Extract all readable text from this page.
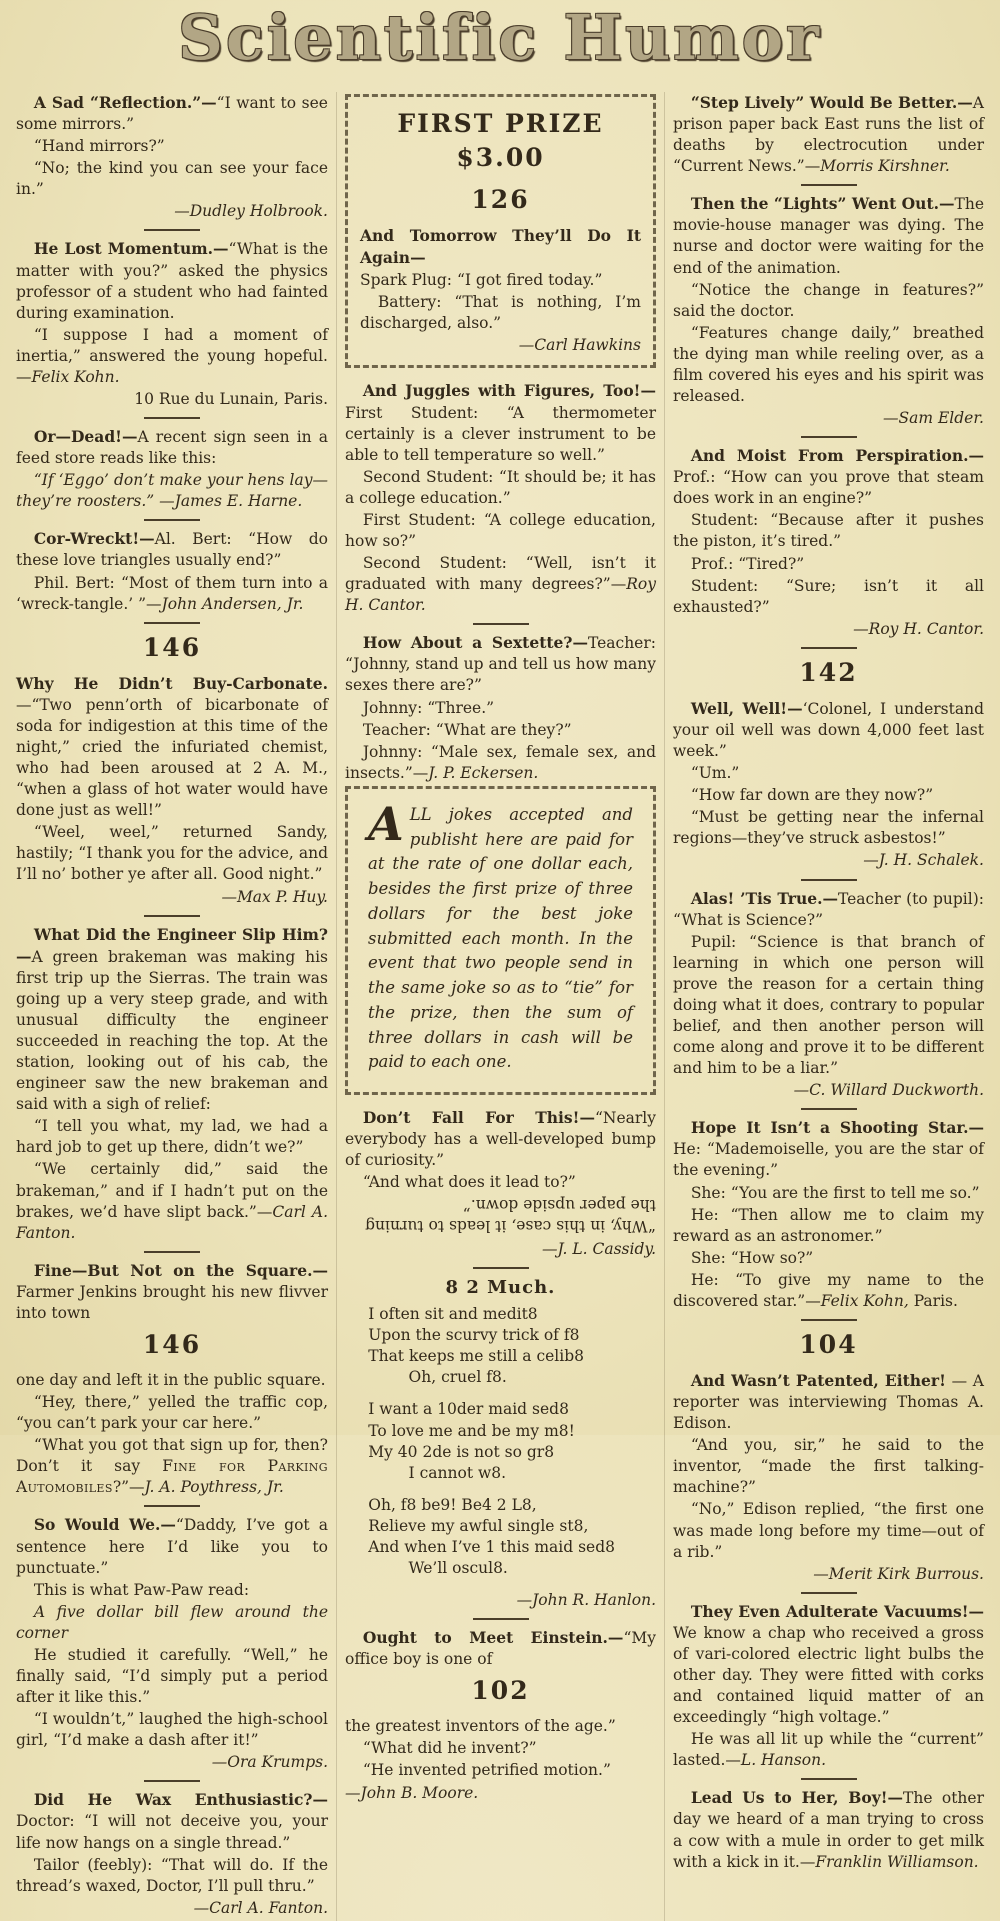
Scientific Humor
A Sad “Reflection.”—“I want to see some mirrors.”
“Hand mirrors?”
“No; the kind you can see your face in.”
—Dudley Holbrook.
He Lost Momentum.—“What is the matter with you?” asked the physics professor of a student who had fainted during examination.
“I suppose I had a moment of inertia,” answered the young hopeful.—Felix Kohn.
10 Rue du Lunain, Paris.
Or—Dead!—A recent sign seen in a feed store reads like this:
“If ‘Eggo’ don’t make your hens lay—they’re roosters.” —James E. Harne.
Cor-Wreckt!—Al. Bert: “How do these love triangles usually end?”
Phil. Bert: “Most of them turn into a ‘wreck-tangle.’ ”—John Andersen, Jr.
146
Why He Didn’t Buy-Carbonate.—“Two penn’orth of bicarbonate of soda for indigestion at this time of the night,” cried the infuriated chemist, who had been aroused at 2 A. M., “when a glass of hot water would have done just as well!”
“Weel, weel,” returned Sandy, hastily; “I thank you for the advice, and I’ll no’ bother ye after all. Good night.”
—Max P. Huy.
What Did the Engineer Slip Him?—A green brakeman was making his first trip up the Sierras. The train was going up a very steep grade, and with unusual difficulty the engineer succeeded in reaching the top. At the station, looking out of his cab, the engineer saw the new brakeman and said with a sigh of relief:
“I tell you what, my lad, we had a hard job to get up there, didn’t we?”
“We certainly did,” said the brakeman,” and if I hadn’t put on the brakes, we’d have slipt back.”—Carl A. Fanton.
Fine—But Not on the Square.—Farmer Jenkins brought his new flivver into town
146
one day and left it in the public square.
“Hey, there,” yelled the traffic cop, “you can’t park your car here.”
“What you got that sign up for, then? Don’t it say Fine for Parking Automobiles?”—J. A. Poythress, Jr.
So Would We.—“Daddy, I’ve got a sentence here I’d like you to punctuate.”
This is what Paw-Paw read:
A five dollar bill flew around the corner
He studied it carefully. “Well,” he finally said, “I’d simply put a period after it like this.”
“I wouldn’t,” laughed the high-school girl, “I’d make a dash after it!”
—Ora Krumps.
Did He Wax Enthusiastic?—Doctor: “I will not deceive you, your life now hangs on a single thread.”
Tailor (feebly): “That will do. If the thread’s waxed, Doctor, I’ll pull thru.”
—Carl A. Fanton.
FIRST PRIZE $3.00
126
And Tomorrow They’ll Do It Again—
Spark Plug: “I got fired today.”
Battery: “That is nothing, I’m discharged, also.”
—Carl Hawkins
And Juggles with Figures, Too!—First Student: “A thermometer certainly is a clever instrument to be able to tell temperature so well.”
Second Student: “It should be; it has a college education.”
First Student: “A college education, how so?”
Second Student: “Well, isn’t it graduated with many degrees?”—Roy H. Cantor.
How About a Sextette?—Teacher: “Johnny, stand up and tell us how many sexes there are?”
Johnny: “Three.”
Teacher: “What are they?”
Johnny: “Male sex, female sex, and insects.”—J. P. Eckersen.
ALL jokes accepted and publisht here are paid for at the rate of one dollar each, besides the first prize of three dollars for the best joke submitted each month. In the event that two people send in the same joke so as to “tie” for the prize, then the sum of three dollars in cash will be paid to each one.
Don’t Fall For This!—“Nearly everybody has a well-developed bump of curiosity.”
“And what does it lead to?”
“Why, in this case, it leads to turning the paper upside down.”
—J. L. Cassidy.
8 2 Much.
I often sit and medit8
Upon the scurvy trick of f8
That keeps me still a celib8
Oh, cruel f8.
I want a 10der maid sed8
To love me and be my m8!
My 40 2de is not so gr8
I cannot w8.
Oh, f8 be9! Be4 2 L8,
Relieve my awful single st8,
And when I’ve 1 this maid sed8
We’ll oscul8.
—John R. Hanlon.
Ought to Meet Einstein.—“My office boy is one of
102
the greatest inventors of the age.”
“What did he invent?”
“He invented petrified motion.”
—John B. Moore.
“Step Lively” Would Be Better.—A prison paper back East runs the list of deaths by electrocution under “Current News.”—Morris Kirshner.
Then the “Lights” Went Out.—The movie-house manager was dying. The nurse and doctor were waiting for the end of the animation.
“Notice the change in features?” said the doctor.
“Features change daily,” breathed the dying man while reeling over, as a film covered his eyes and his spirit was released.
—Sam Elder.
And Moist From Perspiration.—Prof.: “How can you prove that steam does work in an engine?”
Student: “Because after it pushes the piston, it’s tired.”
Prof.: “Tired?”
Student: “Sure; isn’t it all exhausted?”
—Roy H. Cantor.
142
Well, Well!—‘Colonel, I understand your oil well was down 4,000 feet last week.”
“Um.”
“How far down are they now?”
“Must be getting near the infernal regions—they’ve struck asbestos!”
—J. H. Schalek.
Alas! ’Tis True.—Teacher (to pupil): “What is Science?”
Pupil: “Science is that branch of learning in which one person will prove the reason for a certain thing doing what it does, contrary to popular belief, and then another person will come along and prove it to be different and him to be a liar.”
—C. Willard Duckworth.
Hope It Isn’t a Shooting Star.—He: “Mademoiselle, you are the star of the evening.”
She: “You are the first to tell me so.”
He: “Then allow me to claim my reward as an astronomer.”
She: “How so?”
He: “To give my name to the discovered star.”—Felix Kohn, Paris.
104
And Wasn’t Patented, Either! — A reporter was interviewing Thomas A. Edison.
“And you, sir,” he said to the inventor, “made the first talking-machine?”
“No,” Edison replied, “the first one was made long before my time—out of a rib.”
—Merit Kirk Burrous.
They Even Adulterate Vacuums!—We know a chap who received a gross of vari-colored electric light bulbs the other day. They were fitted with corks and contained liquid matter of an exceedingly “high voltage.”
He was all lit up while the “current” lasted.—L. Hanson.
Lead Us to Her, Boy!—The other day we heard of a man trying to cross a cow with a mule in order to get milk with a kick in it.—Franklin Williamson.
